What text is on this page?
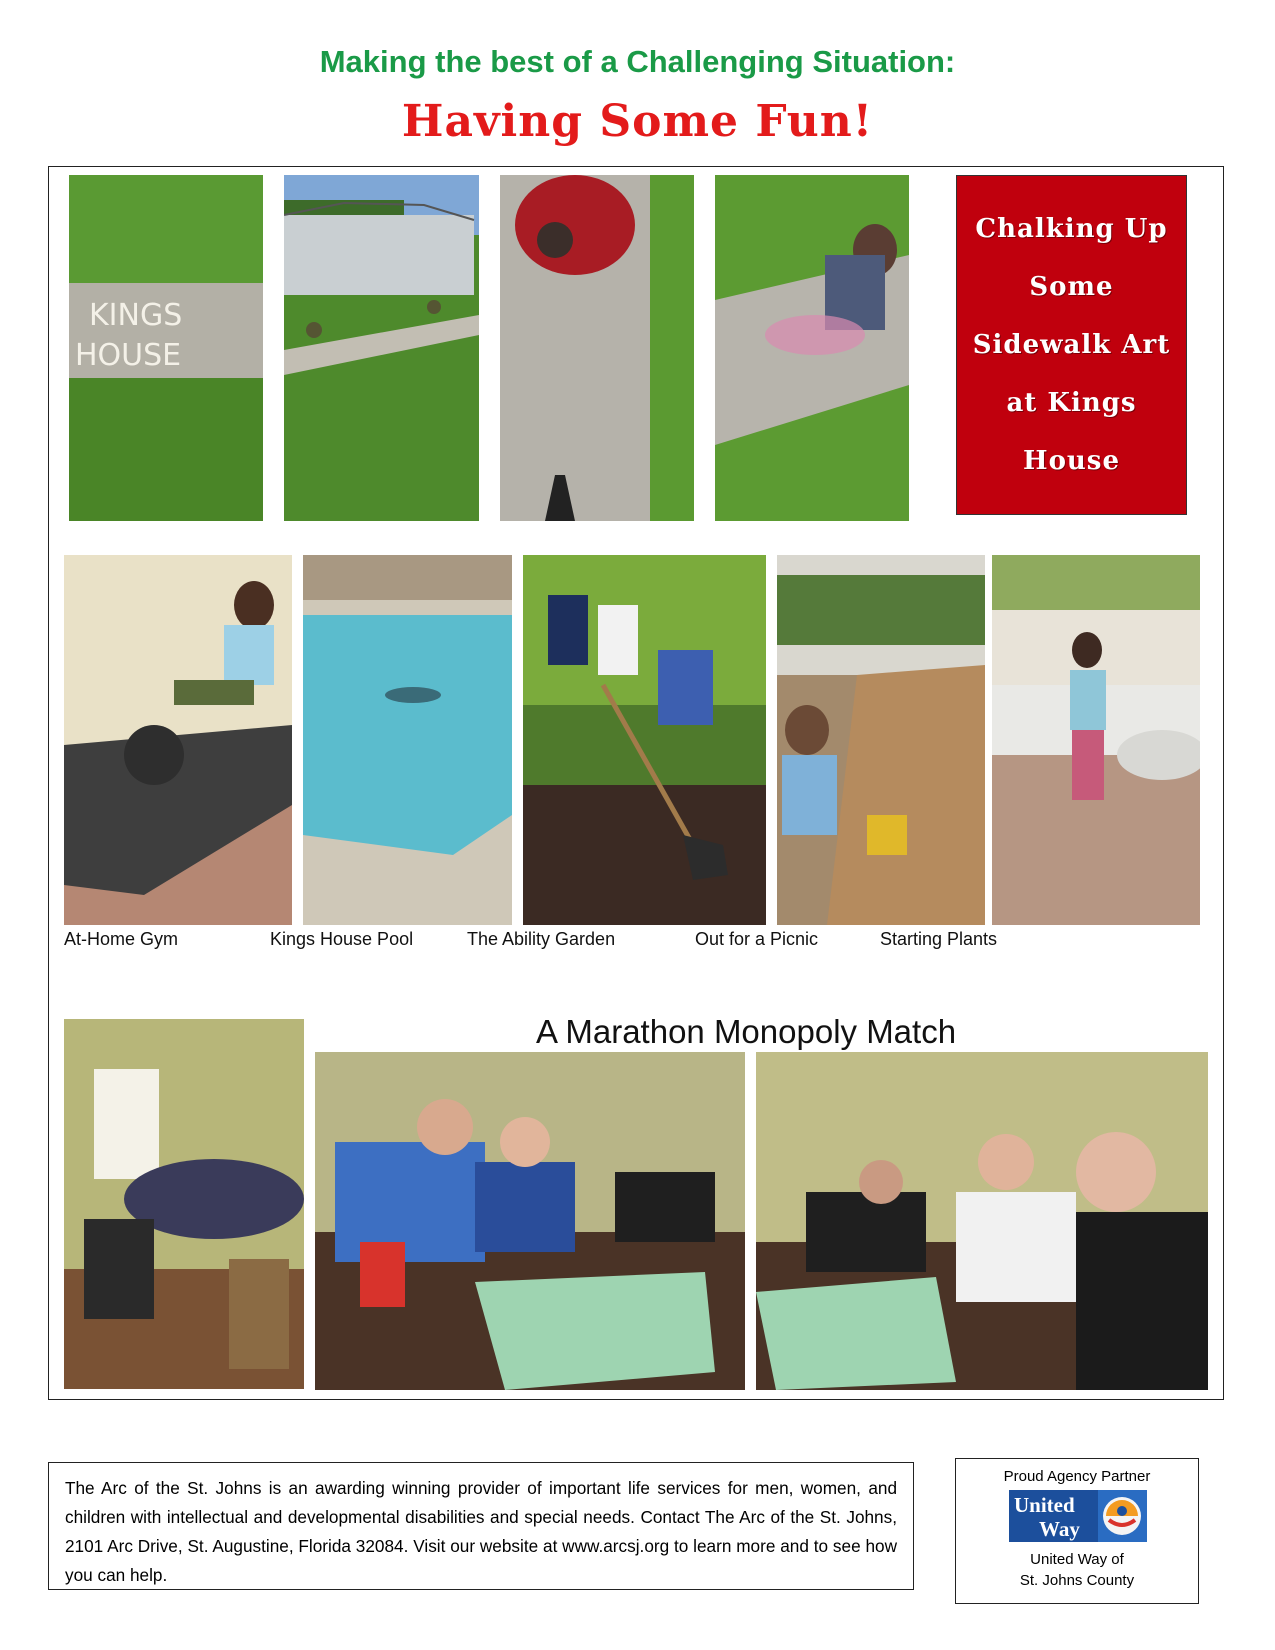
Making the best of a Challenging Situation:
Having Some Fun!
KINGS
HOUSE
Chalking Up
Some
Sidewalk Art
at Kings
House
At-Home Gym	Kings House Pool	The Ability Garden	Out for a Picnic	Starting Plants
A Marathon Monopoly Match
The Arc of the St. Johns is an awarding winning provider of important life services for men, women, and children with intellectual and developmental disabilities and special needs. Contact The Arc of the St. Johns, 2101 Arc Drive, St. Augustine, Florida 32084. Visit our website at www.arcsj.org to learn more and to see how you can help.
Proud Agency Partner
United
Way
United Way of
St. Johns County
